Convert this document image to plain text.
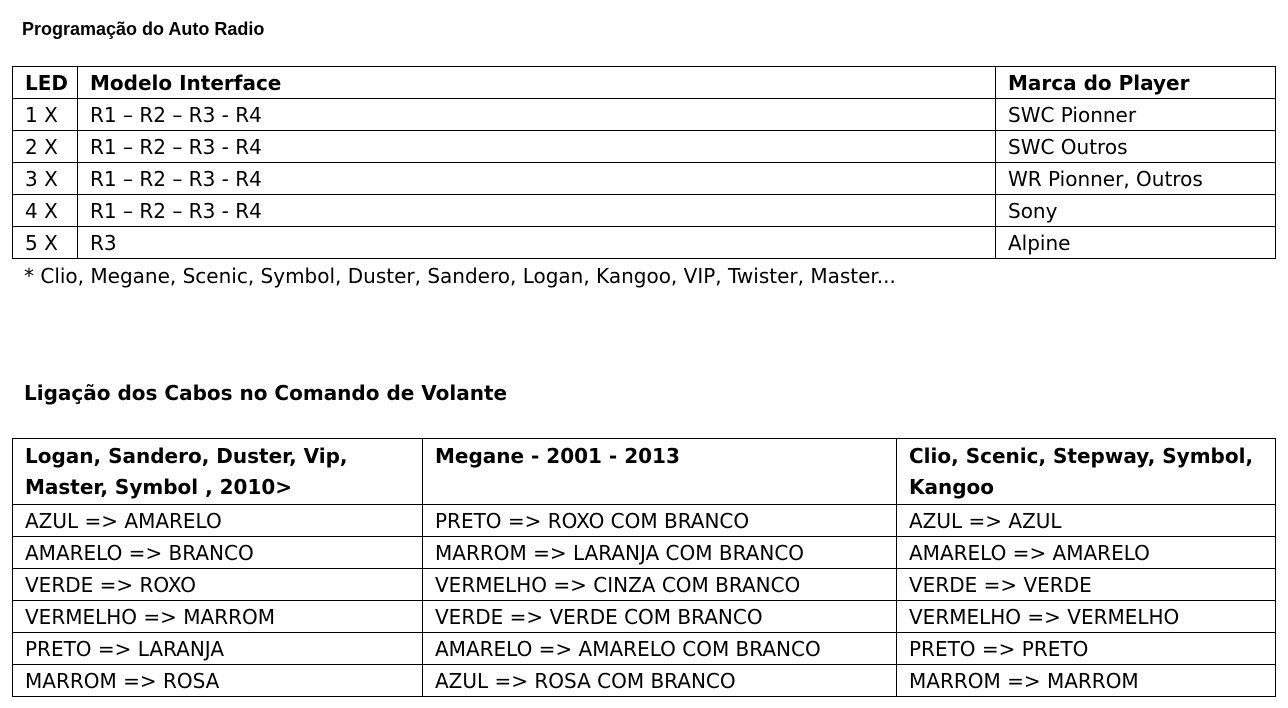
Programação do Auto Radio
LED	Modelo Interface	Marca do Player
1 X	R1 – R2 – R3 - R4	SWC Pionner
2 X	R1 – R2 – R3 - R4	SWC Outros
3 X	R1 – R2 – R3 - R4	WR Pionner, Outros
4 X	R1 – R2 – R3 - R4	Sony
5 X	R3	Alpine
* Clio, Megane, Scenic, Symbol, Duster, Sandero, Logan, Kangoo, VIP, Twister, Master...
Ligação dos Cabos no Comando de Volante
Logan, Sandero, Duster, Vip, Master, Symbol , 2010>	Megane - 2001 - 2013	Clio, Scenic, Stepway, Symbol, Kangoo
AZUL => AMARELO	PRETO => ROXO COM BRANCO	AZUL => AZUL
AMARELO => BRANCO	MARROM => LARANJA COM BRANCO	AMARELO => AMARELO
VERDE => ROXO	VERMELHO => CINZA COM BRANCO	VERDE => VERDE
VERMELHO => MARROM	VERDE => VERDE COM BRANCO	VERMELHO => VERMELHO
PRETO => LARANJA	AMARELO => AMARELO COM BRANCO	PRETO => PRETO
MARROM => ROSA	AZUL => ROSA COM BRANCO	MARROM => MARROM
